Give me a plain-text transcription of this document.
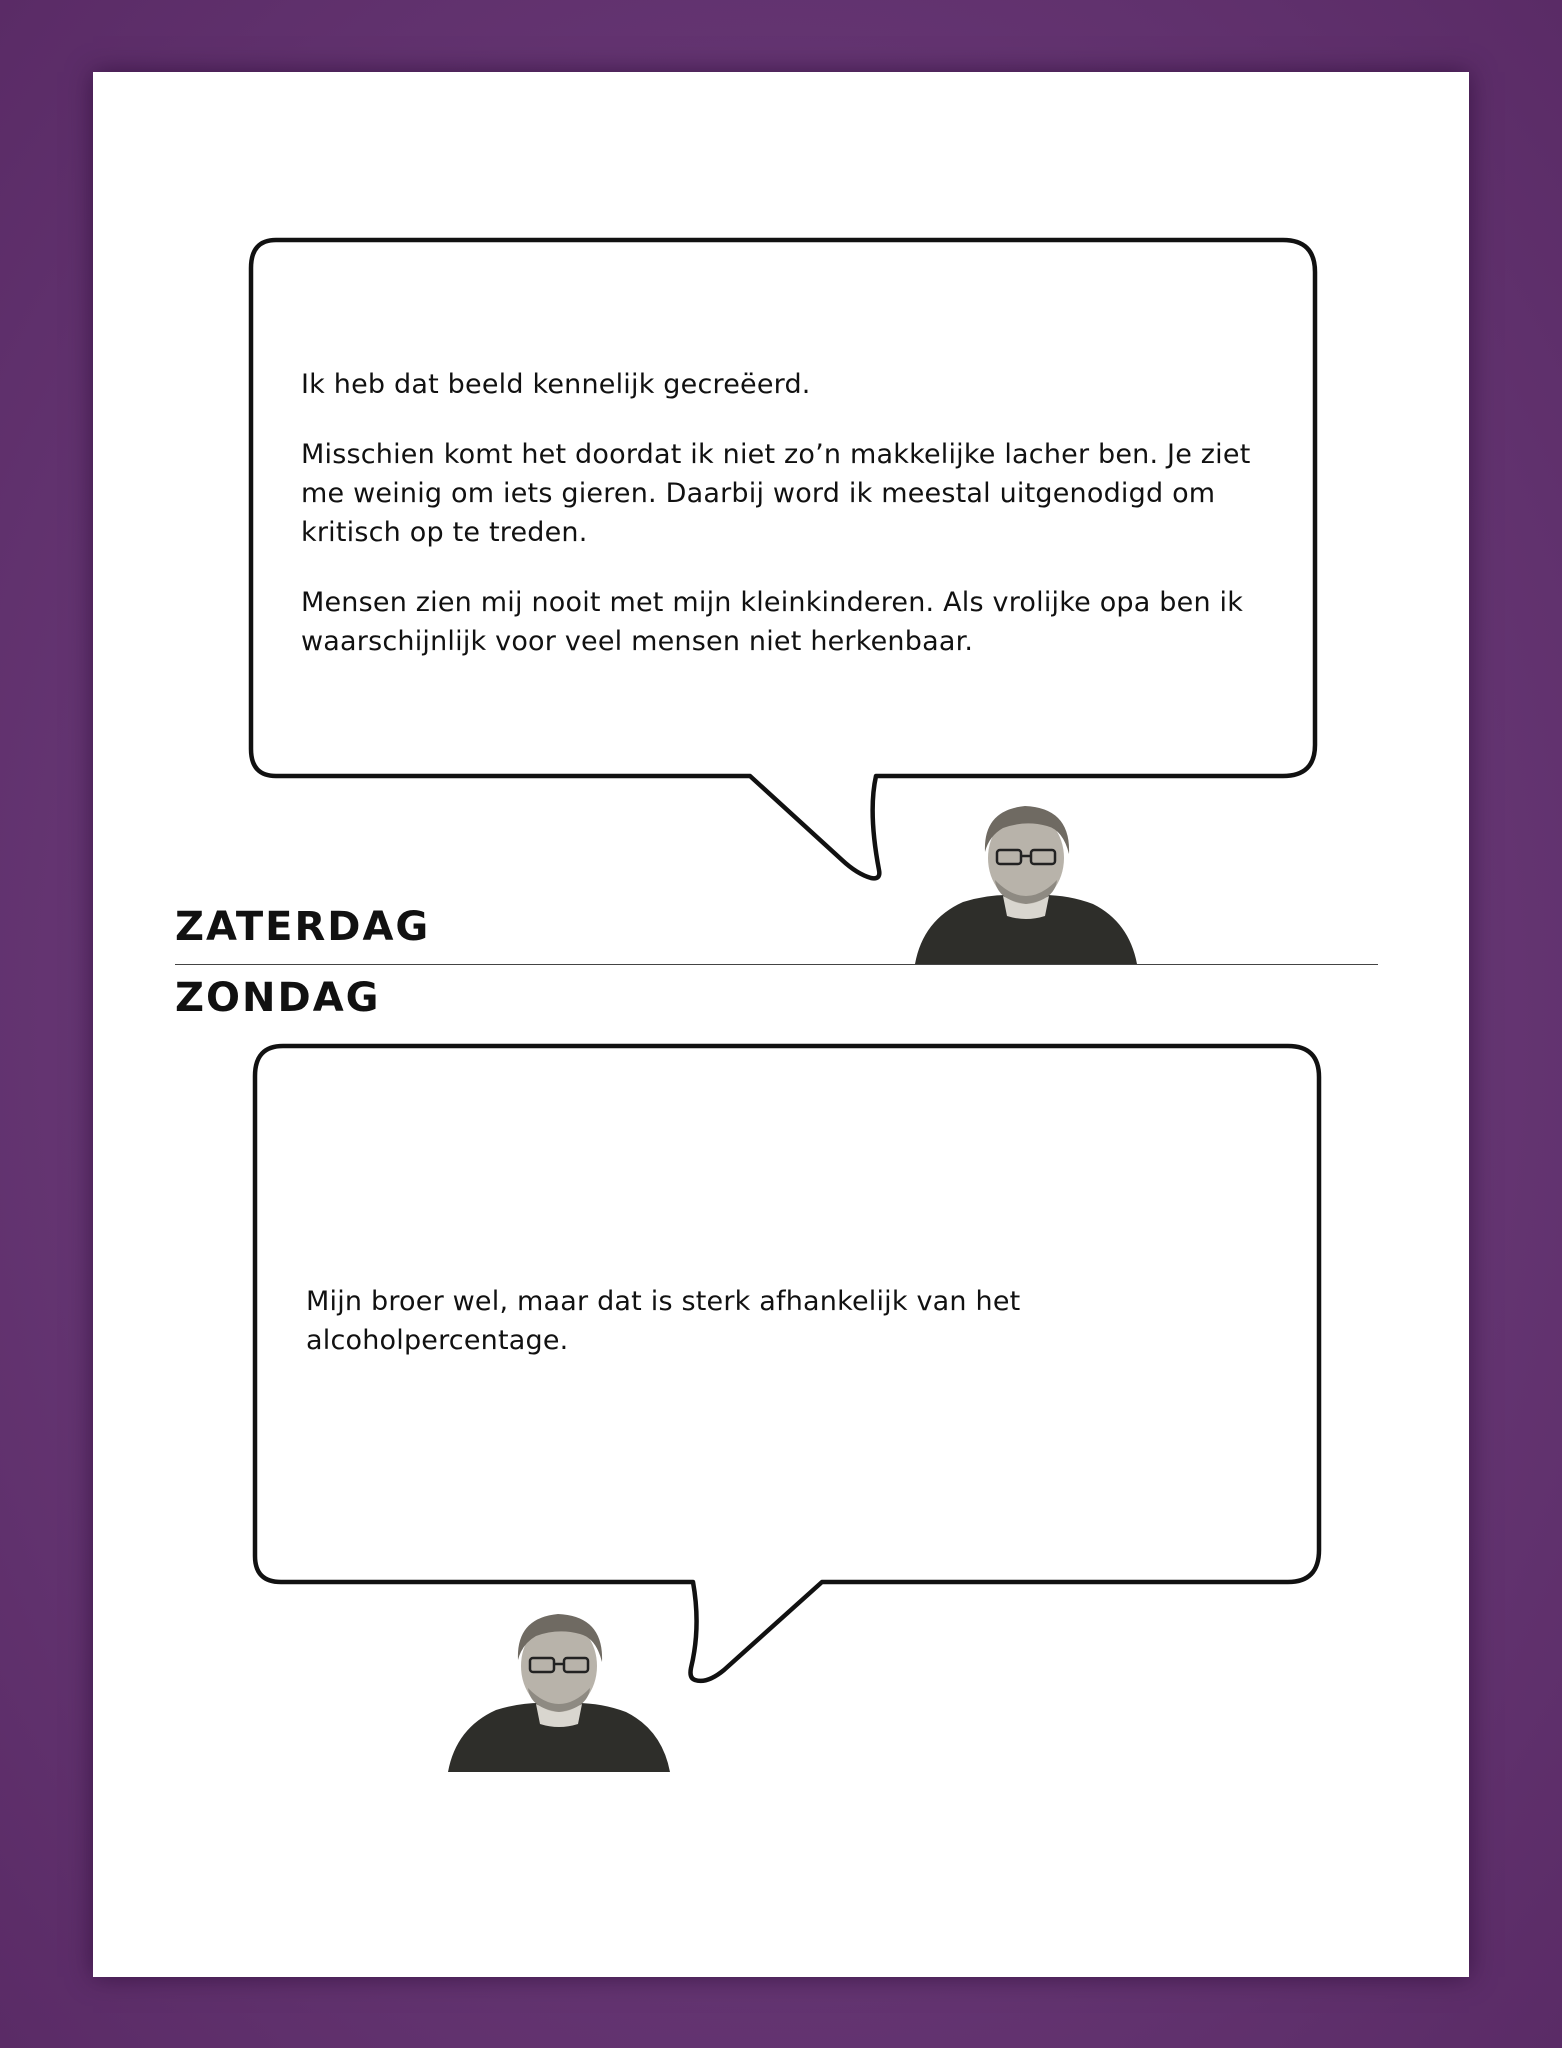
Ik heb dat beeld kennelijk gecreëerd.

Misschien komt het doordat ik niet zo’n makkelijke lacher ben. Je ziet me weinig om iets gieren. Daarbij word ik meestal uitgenodigd om kritisch op te treden.

Mensen zien mij nooit met mijn kleinkinderen. Als vrolijke opa ben ik waarschijnlijk voor veel mensen niet herkenbaar.

Mijn broer wel, maar dat is sterk afhankelijk van het alcoholpercentage.

ZATERDAG
ZONDAG
